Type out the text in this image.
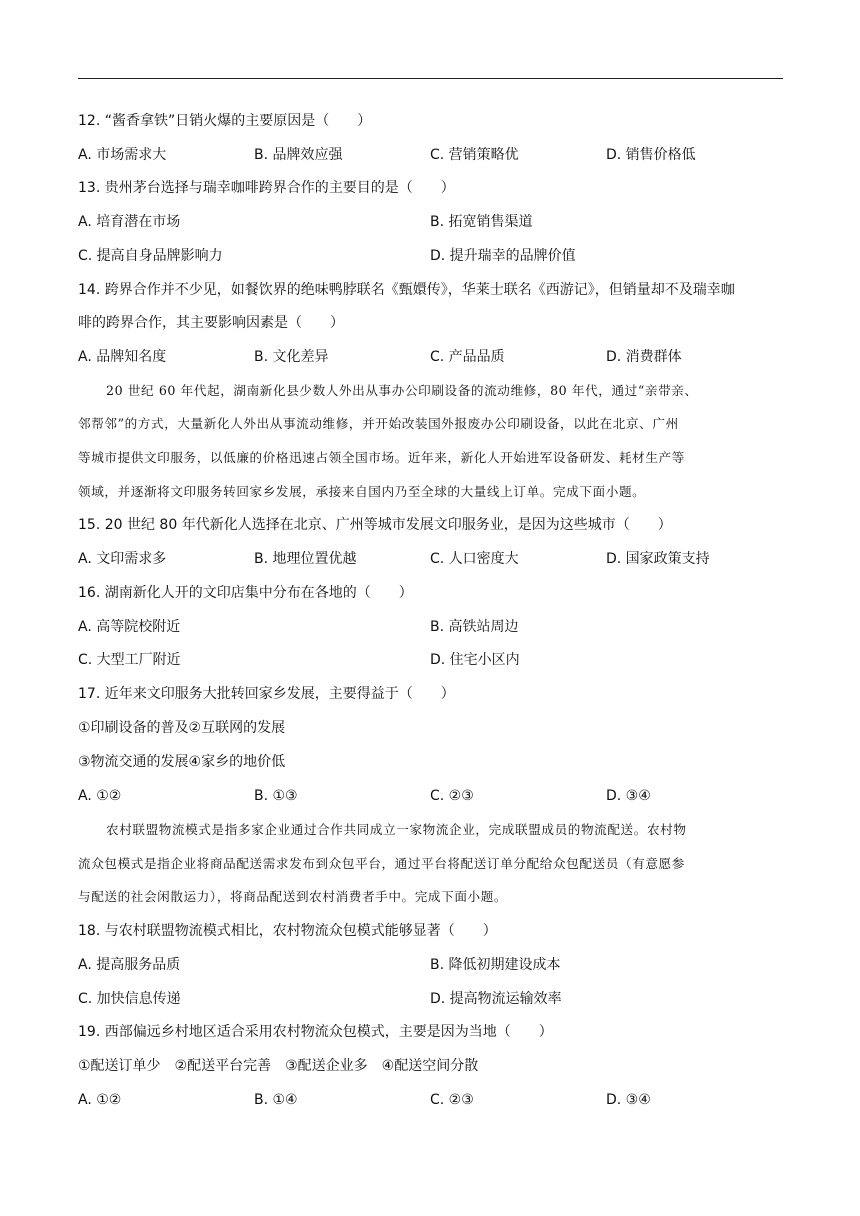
12. “酱香拿铁”日销火爆的主要原因是（　　）
A. 市场需求大	B. 品牌效应强	C. 营销策略优	D. 销售价格低
13. 贵州茅台选择与瑞幸咖啡跨界合作的主要目的是（　　）
A. 培育潜在市场	B. 拓宽销售渠道
C. 提高自身品牌影响力	D. 提升瑞幸的品牌价值
14. 跨界合作并不少见，如餐饮界的绝味鸭脖联名《甄嬛传》，华莱士联名《西游记》，但销量却不及瑞幸咖
啡的跨界合作，其主要影响因素是（　　）
A. 品牌知名度	B. 文化差异	C. 产品品质	D. 消费群体
20 世纪 60 年代起，湖南新化县少数人外出从事办公印刷设备的流动维修，80 年代，通过“亲带亲、
邻帮邻”的方式，大量新化人外出从事流动维修，并开始改装国外报废办公印刷设备，以此在北京、广州
等城市提供文印服务，以低廉的价格迅速占领全国市场。近年来，新化人开始进军设备研发、耗材生产等
领域，并逐渐将文印服务转回家乡发展，承接来自国内乃至全球的大量线上订单。完成下面小题。
15. 20 世纪 80 年代新化人选择在北京、广州等城市发展文印服务业，是因为这些城市（　　）
A. 文印需求多	B. 地理位置优越	C. 人口密度大	D. 国家政策支持
16. 湖南新化人开的文印店集中分布在各地的（　　）
A. 高等院校附近	B. 高铁站周边
C. 大型工厂附近	D. 住宅小区内
17. 近年来文印服务大批转回家乡发展，主要得益于（　　）
①印刷设备的普及②互联网的发展
③物流交通的发展④家乡的地价低
A. ①②	B. ①③	C. ②③	D. ③④
农村联盟物流模式是指多家企业通过合作共同成立一家物流企业，完成联盟成员的物流配送。农村物
流众包模式是指企业将商品配送需求发布到众包平台，通过平台将配送订单分配给众包配送员（有意愿参
与配送的社会闲散运力），将商品配送到农村消费者手中。完成下面小题。
18. 与农村联盟物流模式相比，农村物流众包模式能够显著（　　）
A. 提高服务品质	B. 降低初期建设成本
C. 加快信息传递	D. 提高物流运输效率
19. 西部偏远乡村地区适合采用农村物流众包模式，主要是因为当地（　　）
①配送订单少　②配送平台完善　③配送企业多　④配送空间分散
A. ①②	B. ①④	C. ②③	D. ③④
